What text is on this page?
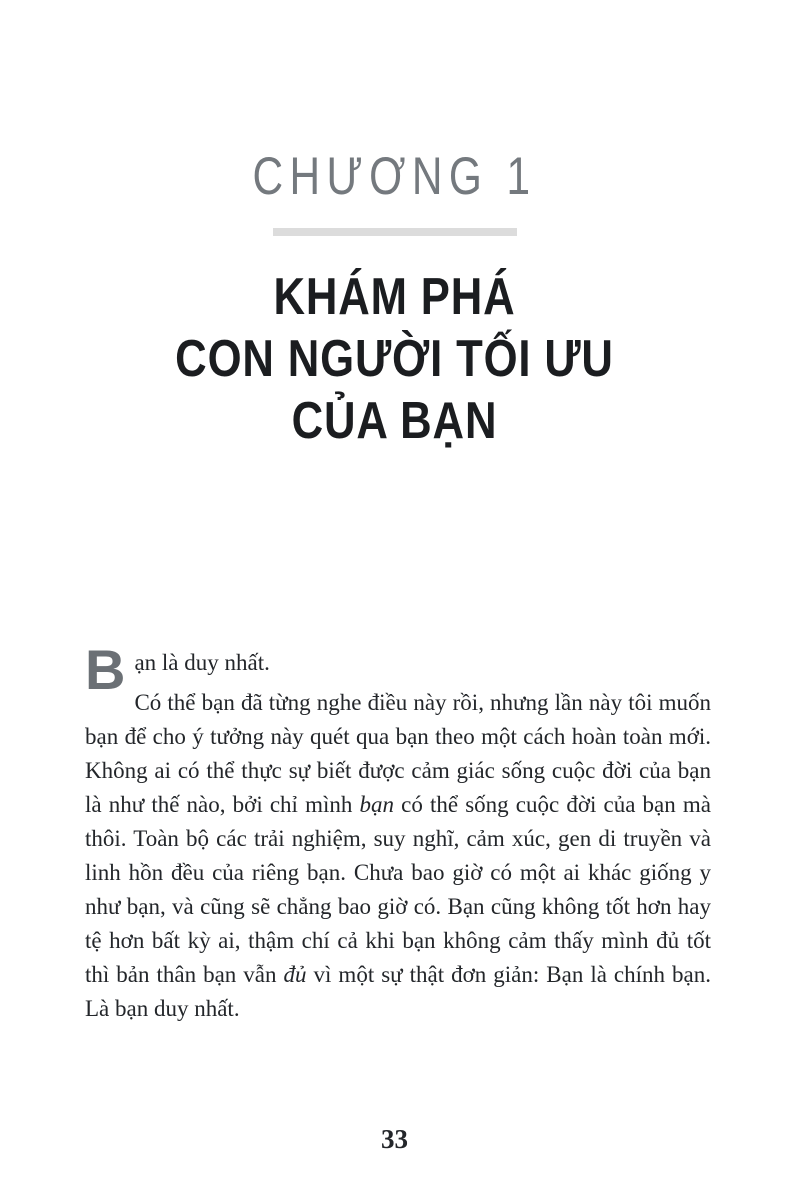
CHƯƠNG 1
KHÁM PHÁ
CON NGƯỜI TỐI ƯU
CỦA BẠN

Bạn là duy nhất.

Có thể bạn đã từng nghe điều này rồi, nhưng lần này tôi muốn bạn để cho ý tưởng này quét qua bạn theo một cách hoàn toàn mới. Không ai có thể thực sự biết được cảm giác sống cuộc đời của bạn là như thế nào, bởi chỉ mình bạn có thể sống cuộc đời của bạn mà thôi. Toàn bộ các trải nghiệm, suy nghĩ, cảm xúc, gen di truyền và linh hồn đều của riêng bạn. Chưa bao giờ có một ai khác giống y như bạn, và cũng sẽ chẳng bao giờ có. Bạn cũng không tốt hơn hay tệ hơn bất kỳ ai, thậm chí cả khi bạn không cảm thấy mình đủ tốt thì bản thân bạn vẫn đủ vì một sự thật đơn giản: Bạn là chính bạn. Là bạn duy nhất.

33
